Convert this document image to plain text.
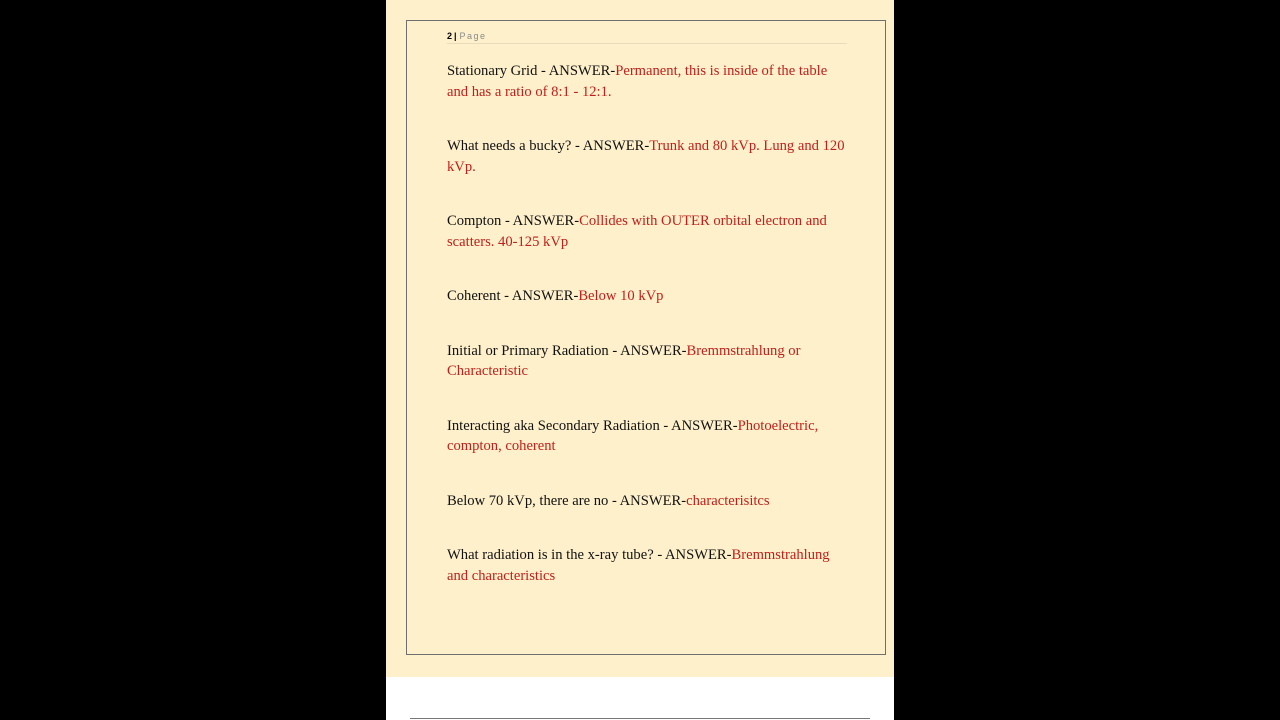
2 | Page
Stationary Grid - ANSWER-Permanent, this is inside of the table and has a ratio of 8:1 - 12:1.
What needs a bucky? - ANSWER-Trunk and 80 kVp. Lung and 120 kVp.
Compton - ANSWER-Collides with OUTER orbital electron and scatters. 40-125 kVp
Coherent - ANSWER-Below 10 kVp
Initial or Primary Radiation - ANSWER-Bremmstrahlung or Characteristic
Interacting aka Secondary Radiation - ANSWER-Photoelectric, compton, coherent
Below 70 kVp, there are no - ANSWER-characterisitcs
What radiation is in the x-ray tube? - ANSWER-Bremmstrahlung and characteristics
